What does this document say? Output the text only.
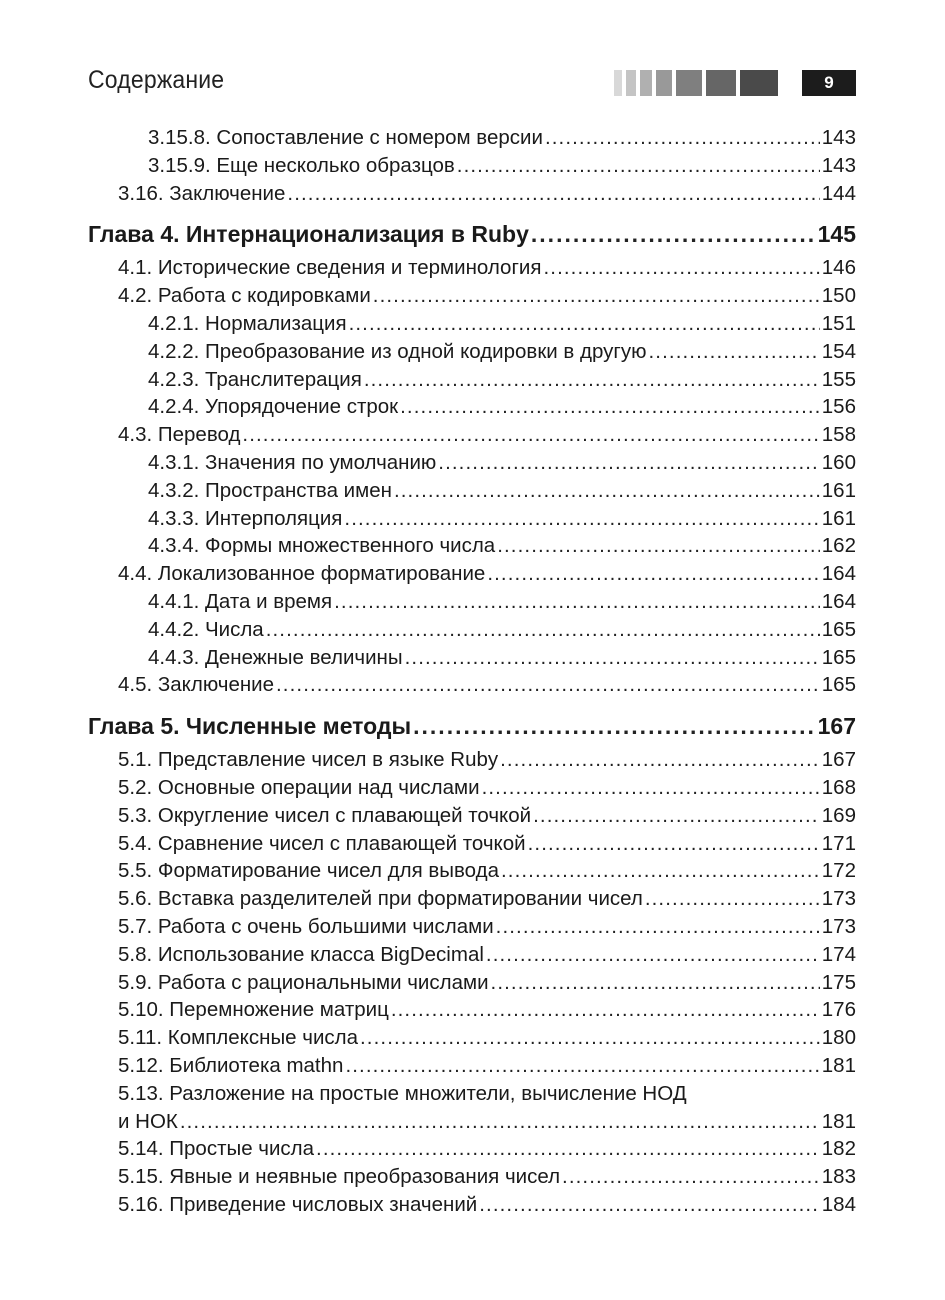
Содержание	9
3.15.8. Сопоставление с номером версии .....	143
3.15.9. Еще несколько образцов .....	143
3.16. Заключение .....	144
Глава 4. Интернационализация в Ruby .....	145
4.1. Исторические сведения и терминология .....	146
4.2. Работа с кодировками .....	150
4.2.1. Нормализация .....	151
4.2.2. Преобразование из одной кодировки в другую .....	154
4.2.3. Транслитерация .....	155
4.2.4. Упорядочение строк .....	156
4.3. Перевод .....	158
4.3.1. Значения по умолчанию .....	160
4.3.2. Пространства имен .....	161
4.3.3. Интерполяция .....	161
4.3.4. Формы множественного числа .....	162
4.4. Локализованное форматирование .....	164
4.4.1. Дата и время .....	164
4.4.2. Числа .....	165
4.4.3. Денежные величины .....	165
4.5. Заключение .....	165
Глава 5. Численные методы .....	167
5.1. Представление чисел в языке Ruby .....	167
5.2. Основные операции над числами .....	168
5.3. Округление чисел с плавающей точкой .....	169
5.4. Сравнение чисел с плавающей точкой .....	171
5.5. Форматирование чисел для вывода .....	172
5.6. Вставка разделителей при форматировании чисел .....	173
5.7. Работа с очень большими числами .....	173
5.8. Использование класса BigDecimal .....	174
5.9. Работа с рациональными числами .....	175
5.10. Перемножение матриц .....	176
5.11. Комплексные числа .....	180
5.12. Библиотека mathn .....	181
5.13. Разложение на простые множители, вычисление НОД
и НОК .....	181
5.14. Простые числа .....	182
5.15. Явные и неявные преобразования чисел .....	183
5.16. Приведение числовых значений .....	184
